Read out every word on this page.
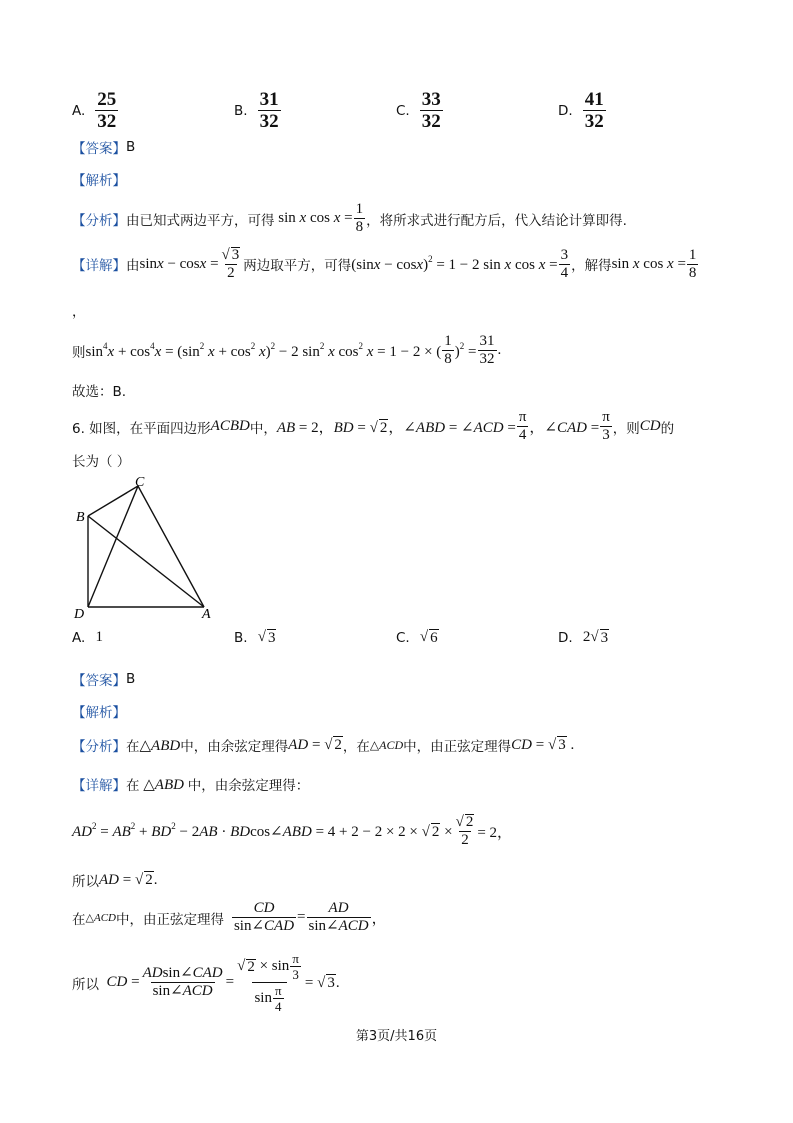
A. $\frac{25}{32}$	B. $\frac{31}{32}$	C. $\frac{33}{32}$	D. $\frac{41}{32}$
【答案】 B
【解析】
【分析】 由已知式两边平方，可得 sin x $\cos x = \frac{1}{8}$ ，将所求式进行配方后，代入结论计算即得.
【详解】 由 $\sin x - \cos x = \frac{√ 3}{2}$ 两边取平方，可得 $(\sin x - \cos x)^2 = 1 - 2$ sin x $\cos x = \frac{3}{4}$ ，解得 sin x $\cos x = \frac{1}{8}$
，
则 $\sin^4x + \cos^4x = (\sin^2$ $x + \cos^2 x)^2 - 2$ $\sin^2 x$ $\cos^2 x = 1 - 2$ × ( $\frac{1}{8} )^2 = \frac{31}{32}$ .
故选：B.
6. 如图，在平面四边形 ACBD 中， AB = 2，BD = √ 2，∠ABD = ∠ACD = $\frac{\pi}{4}$ ，∠CAD = $\frac{\pi}{3}$ ，则 CD 的
长为（ ）
C
B
D	A
A.
1	B.
√ 3	C.
√ 6	D.
2 √ 3
【答案】 B
【解析】
【分析】 在 △ABD 中，由余弦定理得 AD = √ 2 ，在 △ACD 中，由正弦定理得 CD = √ 3 .
【详解】 在 △ABD 中，由余弦定理得：
$AD^2 = AB^2 + BD^2 - 2AB$ · BDcos∠ABD = 4 + 2 − 2 × 2 × √ $2 \times \frac{√ 2}{2} = 2$，
所以 AD = √ 2.
在 △ACD 中，由正弦定理得 $\frac{CD}{\text{sin∠CAD}} = \frac{AD}{\text{sin∠ACD}}$ ，
所以 CD = $\frac{\text{ADsin∠CAD}}{\text{sin∠ACD}} = \frac{√ 2 \times \sin \frac{\pi}{3}}{\sin \frac{\pi}{4}}$ = √ 3.
第3页/共16页
